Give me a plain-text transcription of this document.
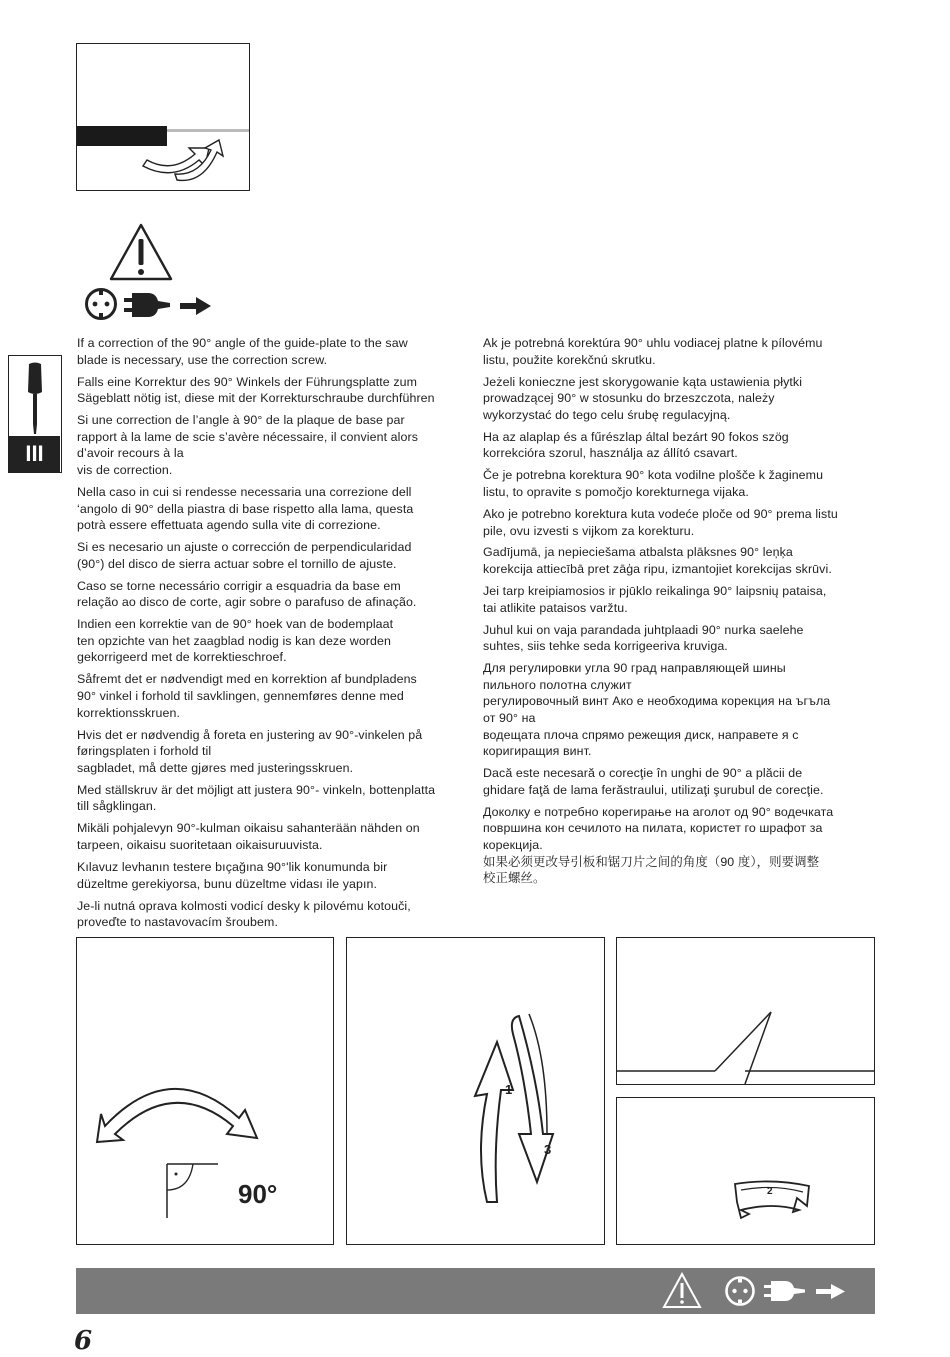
III

If a correction of the 90° angle of the guide-plate to the saw
blade is necessary, use the correction screw.

Falls eine Korrektur des 90° Winkels der Führungsplatte zum
Sägeblatt nötig ist, diese mit der Korrekturschraube durchführen

Si une correction de l’angle à 90° de la plaque de base par
rapport à la lame de scie s’avère nécessaire, il convient alors
d’avoir recours à la
vis de correction.

Nella caso in cui si rendesse necessaria una correzione dell
‘angolo di 90° della piastra di base rispetto alla lama, questa
potrà essere effettuata agendo sulla vite di correzione.

Si es necesario un ajuste o corrección de perpendicularidad
(90°) del disco de sierra actuar sobre el tornillo de ajuste.

Caso se torne necessário corrigir a esquadria da base em
relação ao disco de corte, agir sobre o parafuso de afinação.

Indien een korrektie van de 90° hoek van de bodemplaat
ten opzichte van het zaagblad nodig is kan deze worden
gekorrigeerd met de korrektieschroef.

Såfremt det er nødvendigt med en korrektion af bundpladens
90° vinkel i forhold til savklingen, gennemføres denne med
korrektionsskruen.

Hvis det er nødvendig å foreta en justering av 90°-vinkelen på
føringsplaten i forhold til
sagbladet, må dette gjøres med justeringsskruen.

Med ställskruv är det möjligt att justera 90°- vinkeln, bottenplatta
till sågklingan.

Mikäli pohjalevyn 90°-kulman oikaisu sahanterään nähden on
tarpeen, oikaisu suoritetaan oikaisuruuvista.

Kılavuz levhanın testere bıçağına 90°'lik konumunda bir
düzeltme gerekiyorsa, bunu düzeltme vidası ile yapın.

Je-li nutná oprava kolmosti vodicí desky k pilovému kotouči,
proveďte to nastavovacím šroubem.

Ak je potrebná korektúra 90° uhlu vodiacej platne k pílovému
listu, použite korekčnú skrutku.

Jeżeli konieczne jest skorygowanie kąta ustawienia płytki
prowadzącej 90° w stosunku do brzeszczota, należy
wykorzystać do tego celu śrubę regulacyjną.

Ha az alaplap és a fűrészlap által bezárt 90 fokos szög
korrekcióra szorul, használja az állító csavart.

Če je potrebna korektura 90° kota vodilne plošče k žaginemu
listu, to opravite s pomočjo korekturnega vijaka.

Ako je potrebno korektura kuta vodeće ploče od 90° prema listu
pile, ovu izvesti s vijkom za korekturu.

Gadījumā, ja nepieciešama atbalsta plāksnes 90° leņķa
korekcija attiecībā pret zāģa ripu, izmantojiet korekcijas skrūvi.

Jei tarp kreipiamosios ir pjūklo reikalinga 90° laipsnių pataisa,
tai atlikite pataisos varžtu.

Juhul kui on vaja parandada juhtplaadi 90° nurka saelehe
suhtes, siis tehke seda korrigeeriva kruviga.

Для регулировки угла 90 град направляющей шины
пильного полотна служит
регулировочный винт Ако е необходима корекция на ъгъла
от 90° на
водещата плоча спрямо режещия диск, направете я с
коригиращия винт.

Dacă este necesară o corecţie în unghi de 90° a plăcii de
ghidare faţă de lama ferăstraului, utilizaţi şurubul de corecţie.

Доколку е потребно корегирање на аголот од 90° водечката
површина кон сечилото на пилата, користет го шрафот за
корекција.
如果必须更改导引板和锯刀片之间的角度（90 度），则要调整
校正螺丝。

90°
1
3
2
6
